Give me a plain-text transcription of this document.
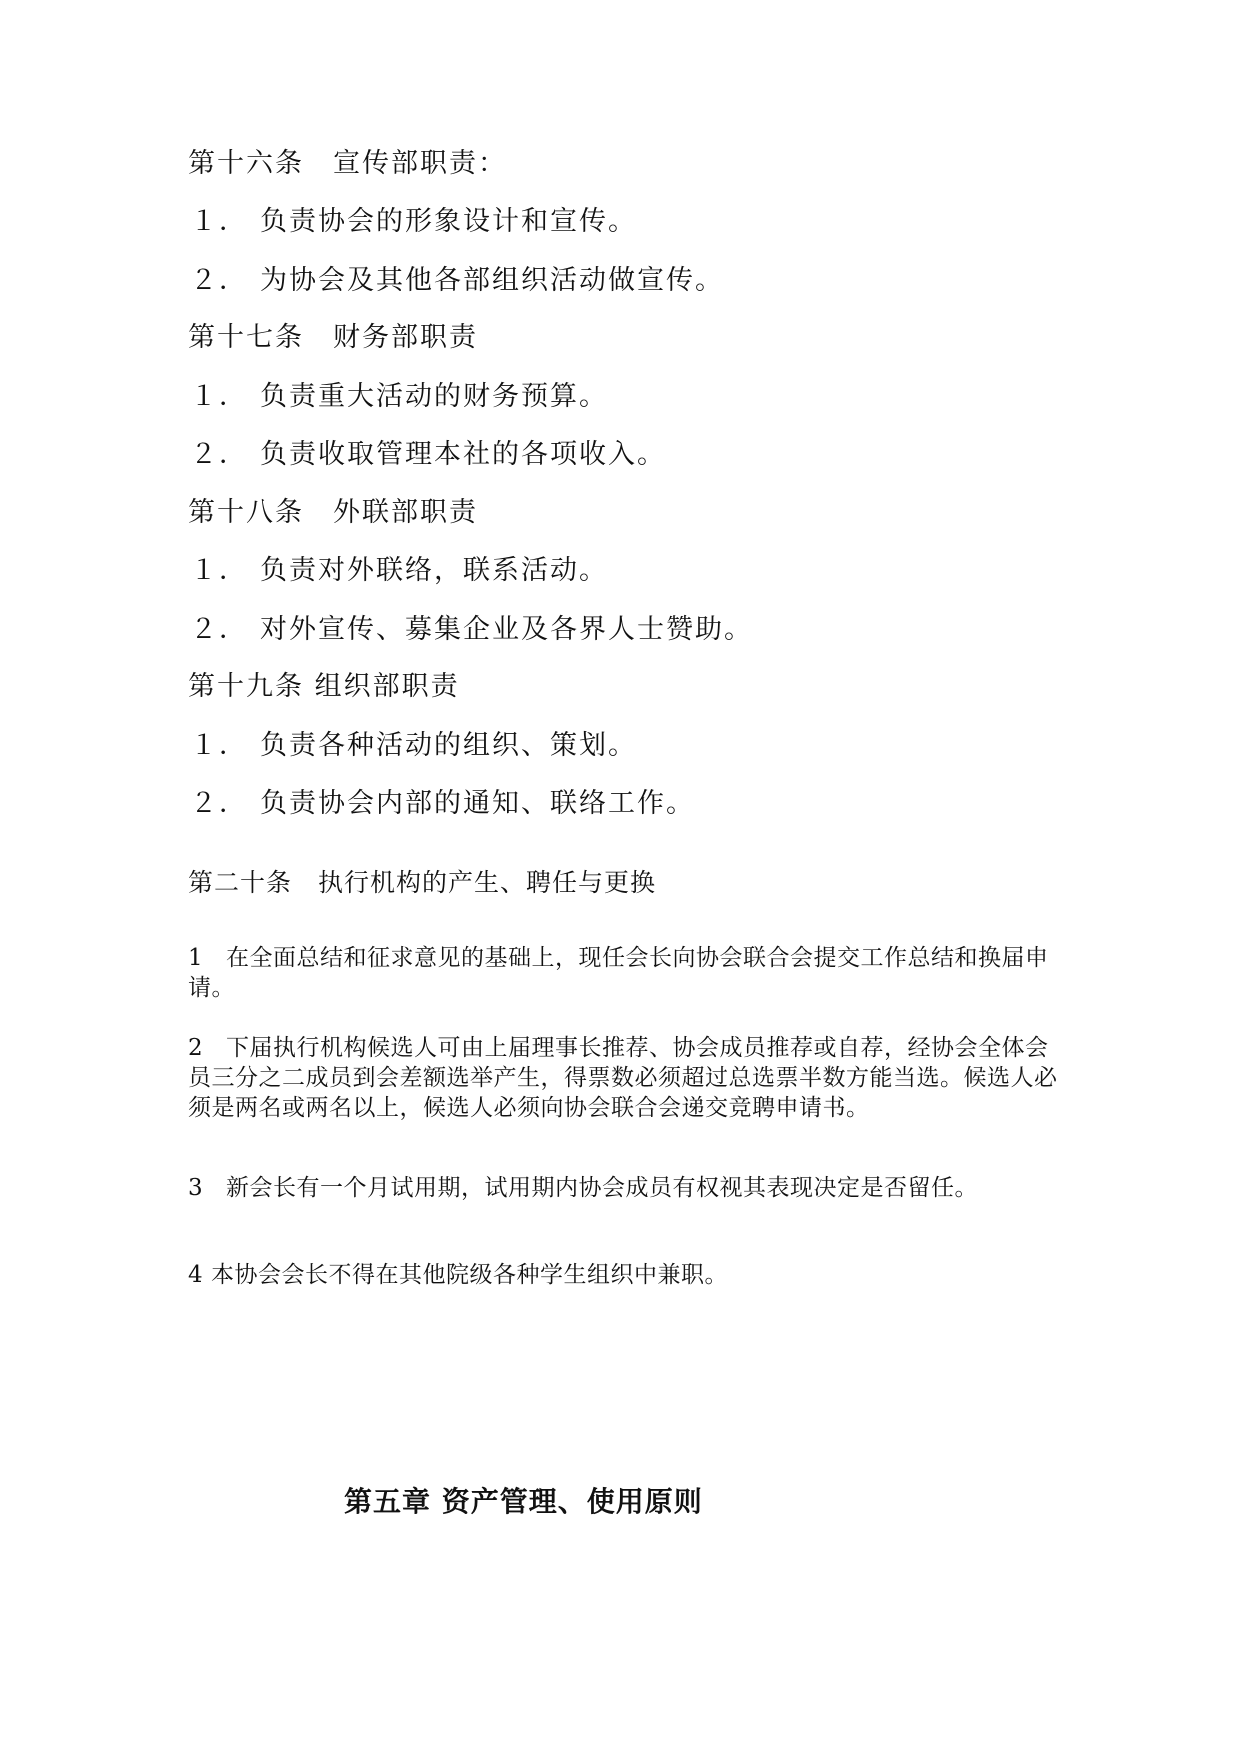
第十六条　宣传部职责：
１． 负责协会的形象设计和宣传。
２． 为协会及其他各部组织活动做宣传。
第十七条　财务部职责
１． 负责重大活动的财务预算。
２． 负责收取管理本社的各项收入。
第十八条　外联部职责
１． 负责对外联络，联系活动。
２． 对外宣传、募集企业及各界人士赞助。
第十九条 组织部职责
１． 负责各种活动的组织、策划。
２． 负责协会内部的通知、联络工作。
第二十条　执行机构的产生、聘任与更换
1 在全面总结和征求意见的基础上，现任会长向协会联合会提交工作总结和换届申请。
2 下届执行机构候选人可由上届理事长推荐、协会成员推荐或自荐，经协会全体会员三分之二成员到会差额选举产生，得票数必须超过总选票半数方能当选。候选人必须是两名或两名以上，候选人必须向协会联合会递交竞聘申请书。
3 新会长有一个月试用期，试用期内协会成员有权视其表现决定是否留任。
4 本协会会长不得在其他院级各种学生组织中兼职。
第五章 资产管理、使用原则
